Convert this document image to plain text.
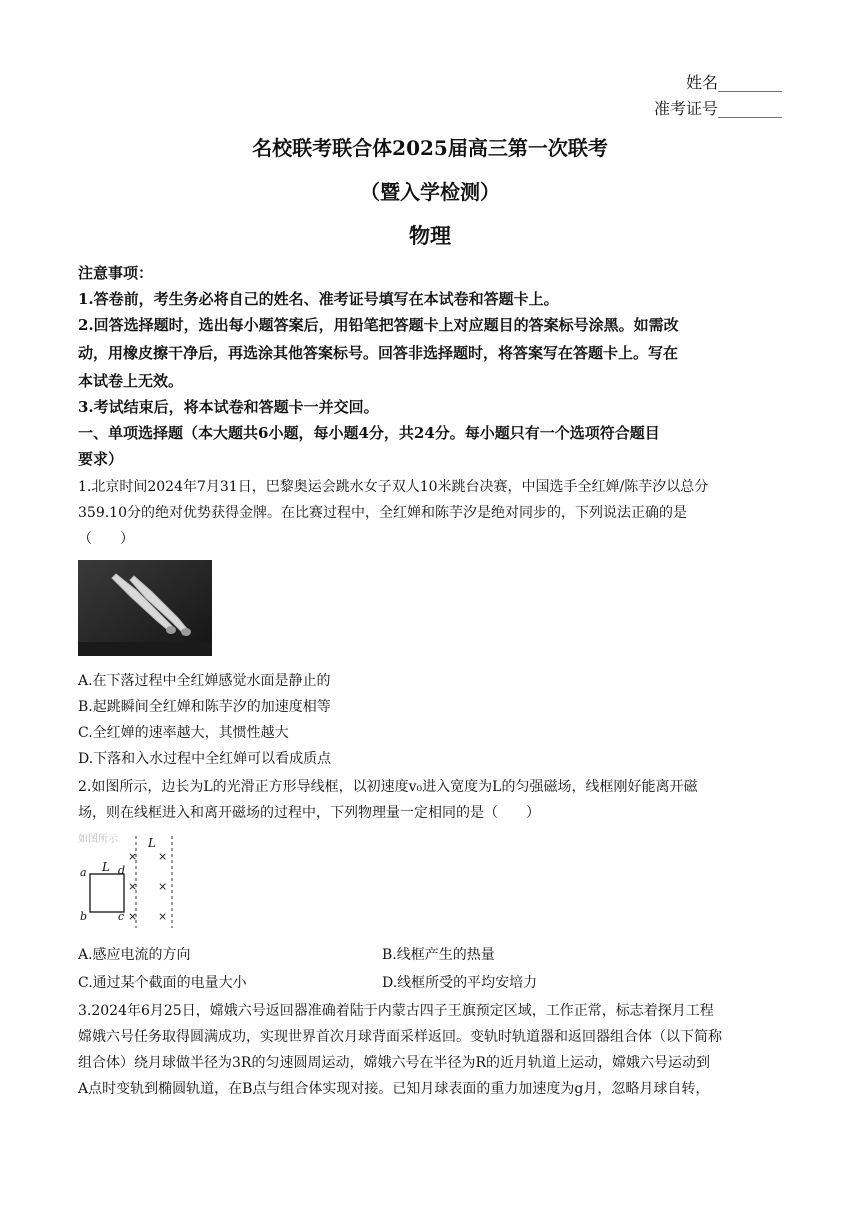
姓名________
准考证号________
名校联考联合体2025届高三第一次联考
（暨入学检测）
物理
注意事项：
1.答卷前，考生务必将自己的姓名、准考证号填写在本试卷和答题卡上。
2.回答选择题时，选出每小题答案后，用铅笔把答题卡上对应题目的答案标号涂黑。如需改
动，用橡皮擦干净后，再选涂其他答案标号。回答非选择题时，将答案写在答题卡上。写在
本试卷上无效。
3.考试结束后，将本试卷和答题卡一并交回。
一、单项选择题（本大题共6小题，每小题4分，共24分。每小题只有一个选项符合题目
要求）
1.北京时间2024年7月31日，巴黎奥运会跳水女子双人10米跳台决赛，中国选手全红婵/陈芋汐以总分
359.10分的绝对优势获得金牌。在比赛过程中，全红婵和陈芋汐是绝对同步的，下列说法正确的是
（　　）
A.在下落过程中全红婵感觉水面是静止的
B.起跳瞬间全红婵和陈芋汐的加速度相等
C.全红婵的速率越大，其惯性越大
D.下落和入水过程中全红婵可以看成质点
2.如图所示，边长为L的光滑正方形导线框，以初速度v₀进入宽度为L的匀强磁场，线框刚好能离开磁
场，则在线框进入和离开磁场的过程中，下列物理量一定相同的是（　　）
如图所示	L
L
a	d
b	c
×
×
×
×
×
×
A.感应电流的方向	B.线框产生的热量
C.通过某个截面的电量大小	D.线框所受的平均安培力
3.2024年6月25日，嫦娥六号返回器准确着陆于内蒙古四子王旗预定区域，工作正常，标志着探月工程
嫦娥六号任务取得圆满成功，实现世界首次月球背面采样返回。变轨时轨道器和返回器组合体（以下简称
组合体）绕月球做半径为3R的匀速圆周运动，嫦娥六号在半径为R的近月轨道上运动，嫦娥六号运动到
A点时变轨到椭圆轨道，在B点与组合体实现对接。已知月球表面的重力加速度为g月，忽略月球自转，
